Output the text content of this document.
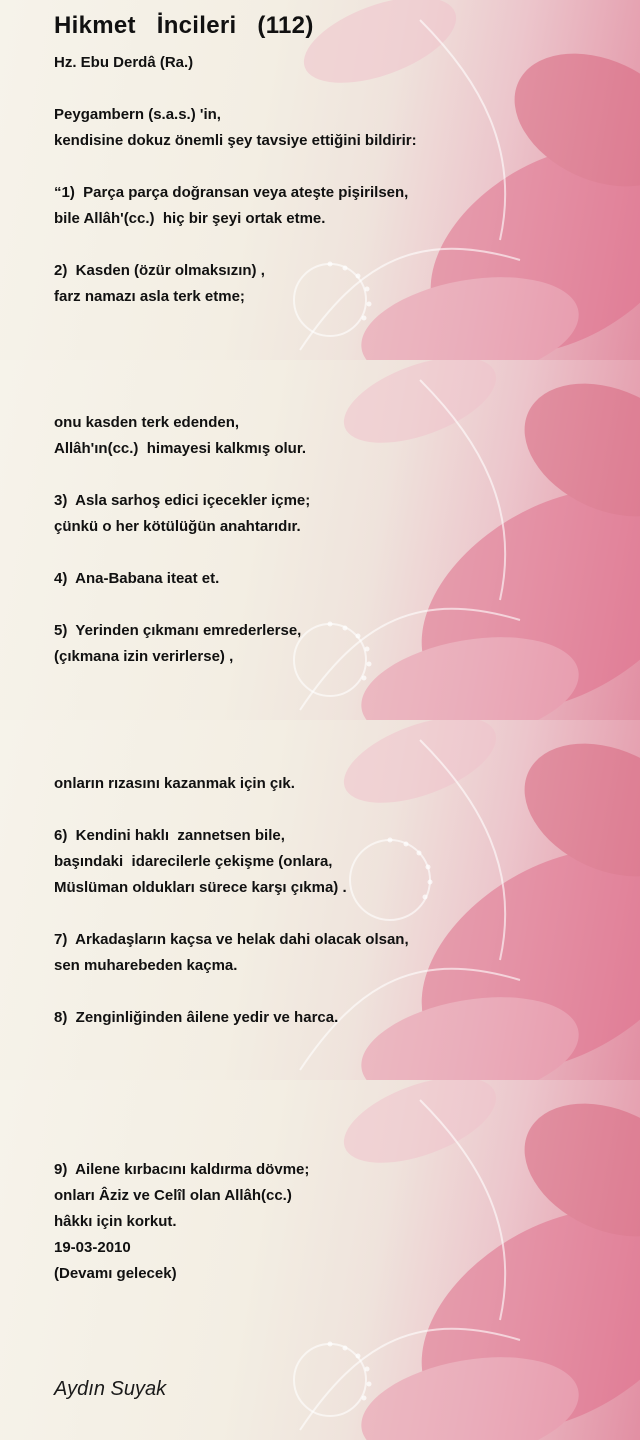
Hikmet   İncileri   (112)
Hz. Ebu Derdâ (Ra.)
Peygambern (s.a.s.) 'in,
kendisine dokuz önemli şey tavsiye ettiğini bildirir:
“1)  Parça parça doğransan veya ateşte pişirilsen,
bile Allâh'(cc.)  hiç bir şeyi ortak etme.
2)  Kasden (özür olmaksızın) ,
farz namazı asla terk etme;
onu kasden terk edenden,
Allâh'ın(cc.)  himayesi kalkmış olur.
3)  Asla sarhoş edici içecekler içme;
çünkü o her kötülüğün anahtarıdır.
4)  Ana-Babana iteat et.
5)  Yerinden çıkmanı emrederlerse,
(çıkmana izin verirlerse) ,
onların rızasını kazanmak için çık.
6)  Kendini haklı  zannetsen bile,
başındaki  idarecilerle çekişme (onlara,
Müslüman oldukları sürece karşı çıkma) .
7)  Arkadaşların kaçsa ve helak dahi olacak olsan,
sen muharebeden kaçma.
8)  Zenginliğinden âilene yedir ve harca.
9)  Ailene kırbacını kaldırma dövme;
onları Âziz ve Celîl olan Allâh(cc.)
hâkkı için korkut.
19-03-2010
(Devamı gelecek)
Aydın Suyak
